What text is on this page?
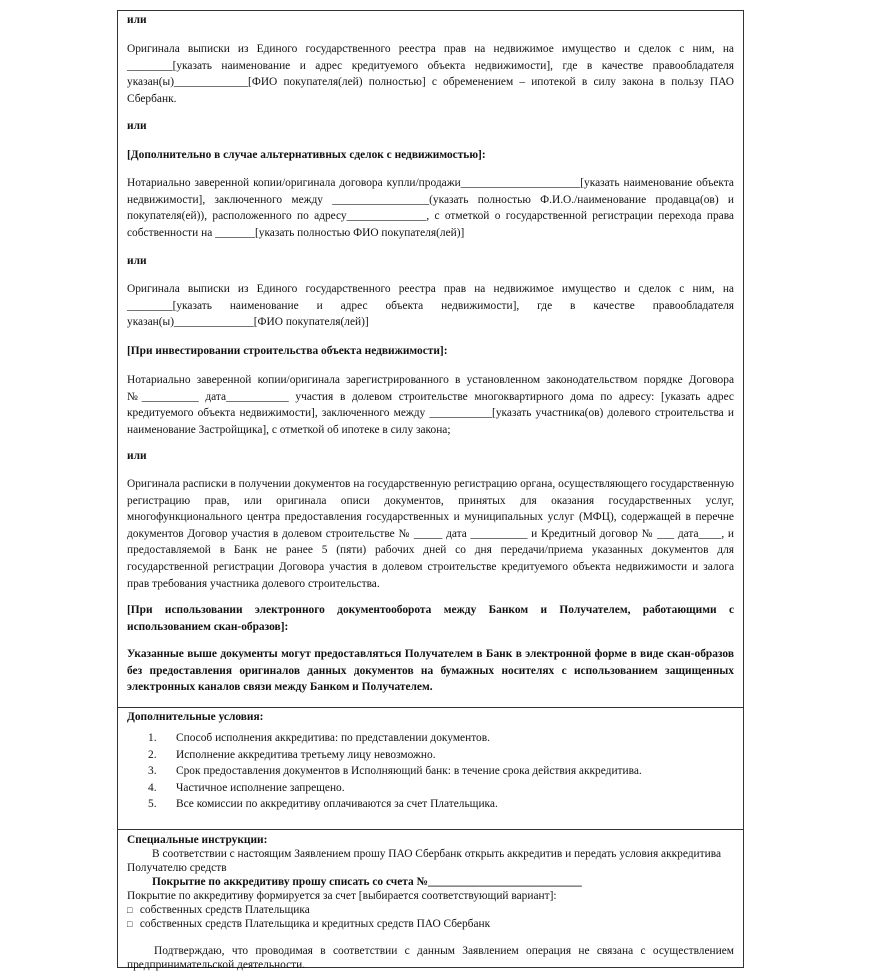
или
Оригинала выписки из Единого государственного реестра прав на недвижимое имущество и сделок с ним, на ________[указать наименование и адрес кредитуемого объекта недвижимости], где в качестве правообладателя указан(ы)_____________[ФИО покупателя(лей) полностью] с обременением – ипотекой в силу закона в пользу ПАО Сбербанк.
или
[Дополнительно в случае альтернативных сделок с недвижимостью]:
Нотариально заверенной копии/оригинала договора купли/продажи_____________________[указать наименование объекта недвижимости], заключенного между _________________(указать полностью Ф.И.О./наименование продавца(ов) и покупателя(ей)), расположенного по адресу______________, с отметкой о государственной регистрации перехода права собственности на _______[указать полностью ФИО покупателя(лей)]
или
Оригинала выписки из Единого государственного реестра прав на недвижимое имущество и сделок с ним, на ________[указать наименование и адрес объекта недвижимости], где в качестве правообладателя указан(ы)______________[ФИО покупателя(лей)]
[При инвестировании строительства объекта недвижимости]:
Нотариально заверенной копии/оригинала зарегистрированного в установленном законодательством порядке Договора №__________ дата___________ участия в долевом строительстве многоквартирного дома по адресу: [указать адрес кредитуемого объекта недвижимости], заключенного между ___________[указать участника(ов) долевого строительства и наименование Застройщика], с отметкой об ипотеке в силу закона;
или
Оригинала расписки в получении документов на государственную регистрацию органа, осуществляющего государственную регистрацию прав, или оригинала описи документов, принятых для оказания государственных услуг, многофункционального центра предоставления государственных и муниципальных услуг (МФЦ), содержащей в перечне документов Договор участия в долевом строительстве № _____ дата __________ и Кредитный договор № ___ дата____, и предоставляемой в Банк не ранее 5 (пяти) рабочих дней со дня передачи/приема указанных документов для государственной регистрации Договора участия в долевом строительстве кредитуемого объекта недвижимости и залога прав требования участника долевого строительства.
[При использовании электронного документооборота между Банком и Получателем, работающими с использованием скан-образов]:
Указанные выше документы могут предоставляться Получателем в Банк в электронной форме в виде скан-образов без предоставления оригиналов данных документов на бумажных носителях с использованием защищенных электронных каналов связи между Банком и Получателем.
Дополнительные условия:
1.	Способ исполнения аккредитива: по представлении документов.
2.	Исполнение аккредитива третьему лицу невозможно.
3.	Срок предоставления документов в Исполняющий банк: в течение срока действия аккредитива.
4.	Частичное исполнение запрещено.
5.	Все комиссии по аккредитиву оплачиваются за счет Плательщика.
Специальные инструкции:
В соответствии с настоящим Заявлением прошу ПАО Сбербанк открыть аккредитив и передать условия аккредитива Получателю средств
Покрытие по аккредитиву прошу списать со счета №___________________________
Покрытие по аккредитиву формируется за счет [выбирается соответствующий вариант]:
□ собственных средств Плательщика
□ собственных средств Плательщика и кредитных средств ПАО Сбербанк
Подтверждаю, что проводимая в соответствии с данным Заявлением операция не связана с осуществлением предпринимательской деятельности.
